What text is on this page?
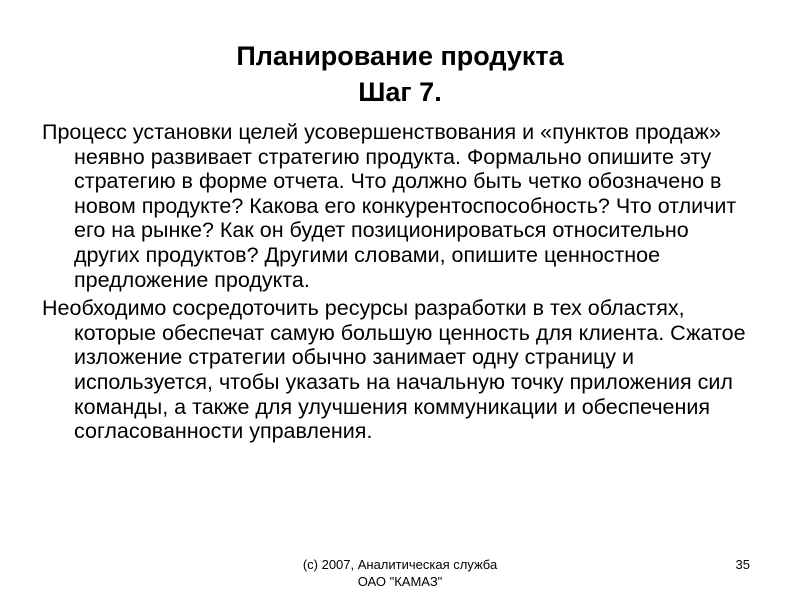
Планирование продукта
Шаг 7.

Процесс установки целей усовершенствования и «пунктов продаж» неявно развивает стратегию продукта. Формально опишите эту стратегию в форме отчета. Что должно быть четко обозначено в новом продукте? Какова его конкурентоспособность? Что отличит его на рынке? Как он будет позиционироваться относительно других продуктов? Другими словами, опишите ценностное предложение продукта.

Необходимо сосредоточить ресурсы разработки в тех областях, которые обеспечат самую большую ценность для клиента. Сжатое изложение стратегии обычно занимает одну страницу и используется, чтобы указать на начальную точку приложения сил команды, а также для улучшения коммуникации и обеспечения согласованности управления.

(c) 2007, Аналитическая служба
ОАО "КАМАЗ"
35
